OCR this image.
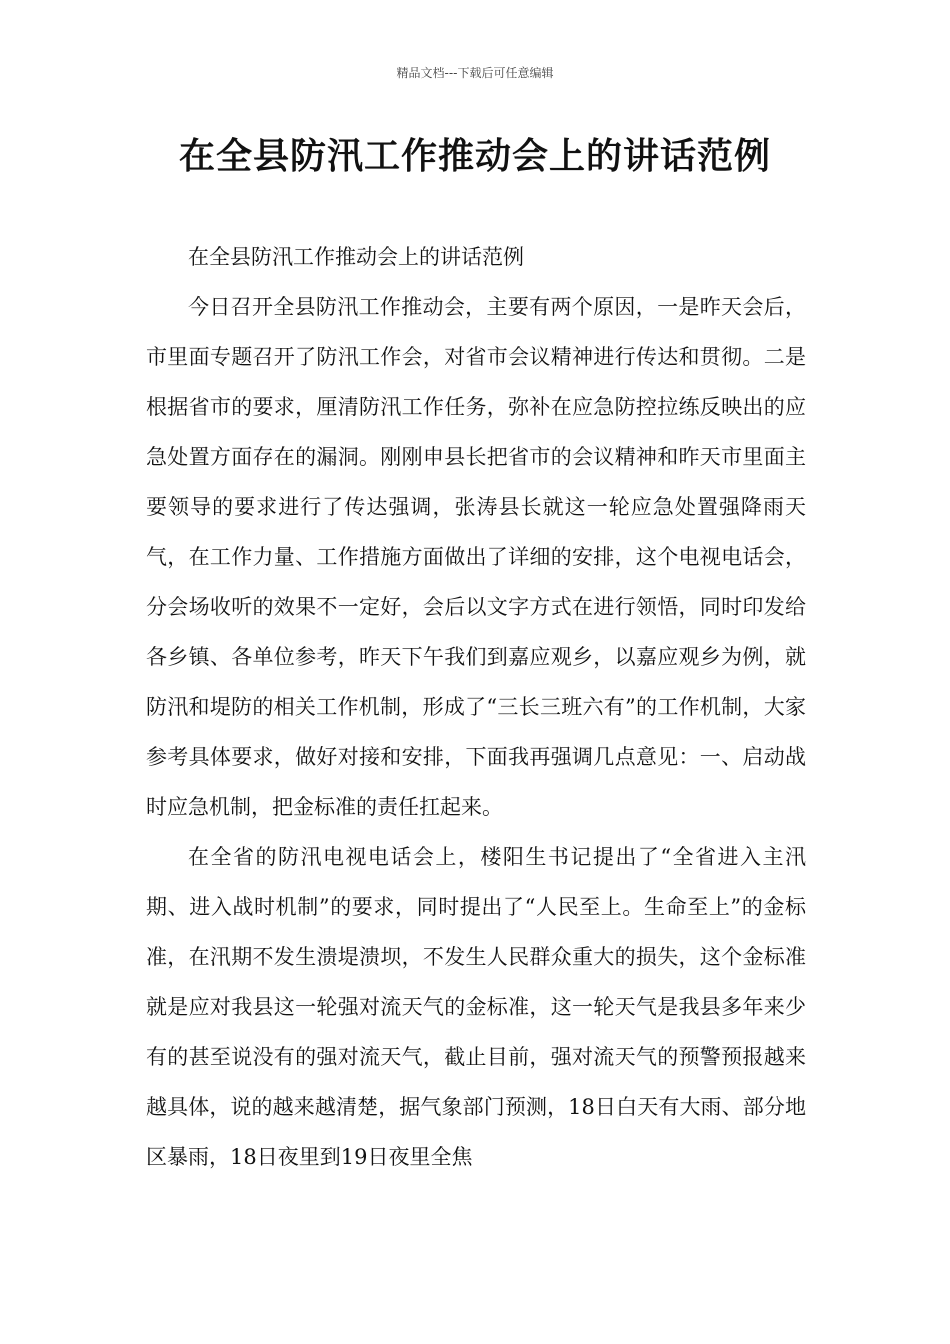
精品文档---下载后可任意编辑
在全县防汛工作推动会上的讲话范例

在全县防汛工作推动会上的讲话范例

今日召开全县防汛工作推动会，主要有两个原因，一是昨天会后，市里面专题召开了防汛工作会，对省市会议精神进行传达和贯彻。二是根据省市的要求，厘清防汛工作任务，弥补在应急防控拉练反映出的应急处置方面存在的漏洞。刚刚申县长把省市的会议精神和昨天市里面主要领导的要求进行了传达强调，张涛县长就这一轮应急处置强降雨天气，在工作力量、工作措施方面做出了详细的安排，这个电视电话会，分会场收听的效果不一定好，会后以文字方式在进行领悟，同时印发给各乡镇、各单位参考，昨天下午我们到嘉应观乡，以嘉应观乡为例，就防汛和堤防的相关工作机制，形成了“三长三班六有”的工作机制，大家参考具体要求，做好对接和安排，下面我再强调几点意见：一、启动战时应急机制，把金标准的责任扛起来。

在全省的防汛电视电话会上，楼阳生书记提出了“全省进入主汛期、进入战时机制”的要求，同时提出了“人民至上。生命至上”的金标准，在汛期不发生溃堤溃坝，不发生人民群众重大的损失，这个金标准就是应对我县这一轮强对流天气的金标准，这一轮天气是我县多年来少有的甚至说没有的强对流天气，截止目前，强对流天气的预警预报越来越具体，说的越来越清楚，据气象部门预测，18日白天有大雨、部分地区暴雨，18日夜里到19日夜里全焦
